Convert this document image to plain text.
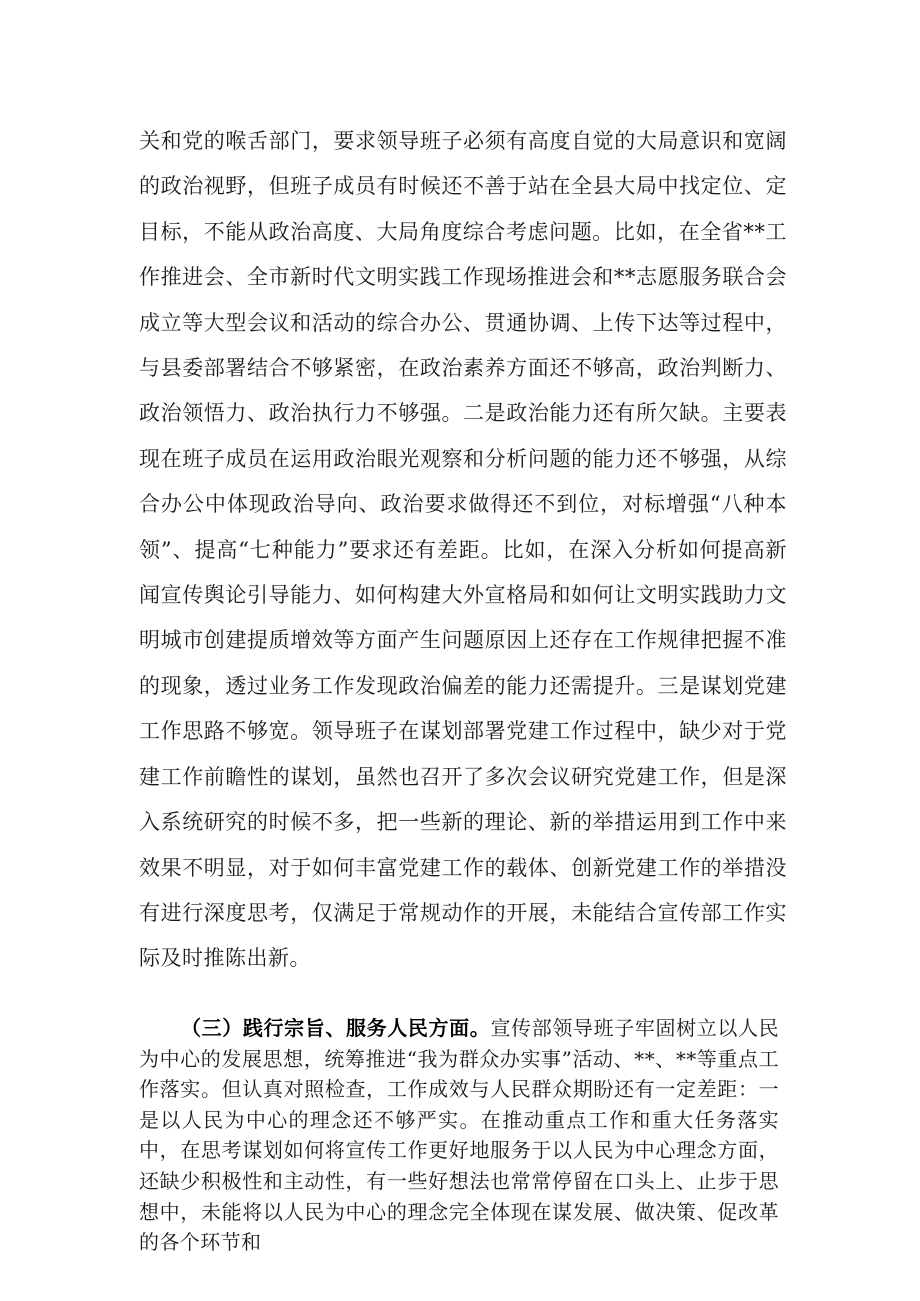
关和党的喉舌部门，要求领导班子必须有高度自觉的大局意识和宽阔的政治视野，但班子成员有时候还不善于站在全县大局中找定位、定目标，不能从政治高度、大局角度综合考虑问题。比如，在全省**工作推进会、全市新时代文明实践工作现场推进会和**志愿服务联合会成立等大型会议和活动的综合办公、贯通协调、上传下达等过程中，与县委部署结合不够紧密，在政治素养方面还不够高，政治判断力、政治领悟力、政治执行力不够强。二是政治能力还有所欠缺。主要表现在班子成员在运用政治眼光观察和分析问题的能力还不够强，从综合办公中体现政治导向、政治要求做得还不到位，对标增强“八种本领”、提高“七种能力”要求还有差距。比如，在深入分析如何提高新闻宣传舆论引导能力、如何构建大外宣格局和如何让文明实践助力文明城市创建提质增效等方面产生问题原因上还存在工作规律把握不准的现象，透过业务工作发现政治偏差的能力还需提升。三是谋划党建工作思路不够宽。领导班子在谋划部署党建工作过程中，缺少对于党建工作前瞻性的谋划，虽然也召开了多次会议研究党建工作，但是深入系统研究的时候不多，把一些新的理论、新的举措运用到工作中来效果不明显，对于如何丰富党建工作的载体、创新党建工作的举措没有进行深度思考，仅满足于常规动作的开展，未能结合宣传部工作实际及时推陈出新。

（三）践行宗旨、服务人民方面。宣传部领导班子牢固树立以人民为中心的发展思想，统筹推进“我为群众办实事”活动、**、**等重点工作落实。但认真对照检查，工作成效与人民群众期盼还有一定差距：一是以人民为中心的理念还不够严实。在推动重点工作和重大任务落实中，在思考谋划如何将宣传工作更好地服务于以人民为中心理念方面，还缺少积极性和主动性，有一些好想法也常常停留在口头上、止步于思想中，未能将以人民为中心的理念完全体现在谋发展、做决策、促改革的各个环节和
